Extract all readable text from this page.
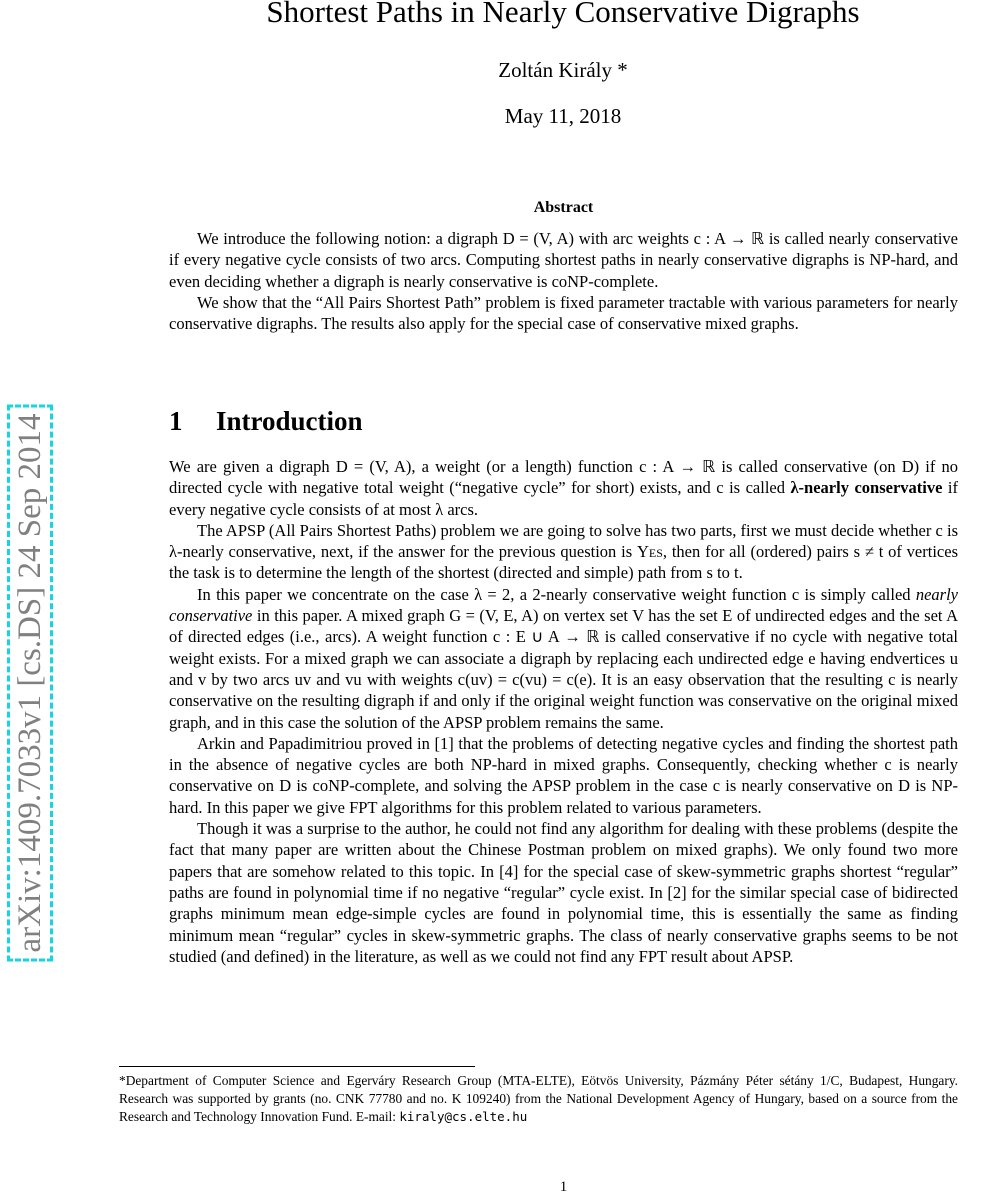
Shortest Paths in Nearly Conservative Digraphs
Zoltán Király *
May 11, 2018
Abstract

We introduce the following notion: a digraph D = (V, A) with arc weights c : A → ℝ is called nearly conservative if every negative cycle consists of two arcs. Computing shortest paths in nearly conservative digraphs is NP-hard, and even deciding whether a digraph is nearly conservative is coNP-complete.

We show that the “All Pairs Shortest Path” problem is fixed parameter tractable with various parameters for nearly conservative digraphs. The results also apply for the special case of conservative mixed graphs.

1 Introduction

We are given a digraph D = (V, A), a weight (or a length) function c : A → ℝ is called conservative (on D) if no directed cycle with negative total weight (“negative cycle” for short) exists, and c is called λ-nearly conservative if every negative cycle consists of at most λ arcs.

The APSP (All Pairs Shortest Paths) problem we are going to solve has two parts, first we must decide whether c is λ-nearly conservative, next, if the answer for the previous question is Yes, then for all (ordered) pairs s ≠ t of vertices the task is to determine the length of the shortest (directed and simple) path from s to t.

In this paper we concentrate on the case λ = 2, a 2-nearly conservative weight function c is simply called nearly conservative in this paper. A mixed graph G = (V, E, A) on vertex set V has the set E of undirected edges and the set A of directed edges (i.e., arcs). A weight function c : E ∪ A → ℝ is called conservative if no cycle with negative total weight exists. For a mixed graph we can associate a digraph by replacing each undirected edge e having endvertices u and v by two arcs uv and vu with weights c(uv) = c(vu) = c(e). It is an easy observation that the resulting c is nearly conservative on the resulting digraph if and only if the original weight function was conservative on the original mixed graph, and in this case the solution of the APSP problem remains the same.

Arkin and Papadimitriou proved in [1] that the problems of detecting negative cycles and finding the shortest path in the absence of negative cycles are both NP-hard in mixed graphs. Consequently, checking whether c is nearly conservative on D is coNP-complete, and solving the APSP problem in the case c is nearly conservative on D is NP-hard. In this paper we give FPT algorithms for this problem related to various parameters.

Though it was a surprise to the author, he could not find any algorithm for dealing with these problems (despite the fact that many paper are written about the Chinese Postman problem on mixed graphs). We only found two more papers that are somehow related to this topic. In [4] for the special case of skew-symmetric graphs shortest “regular” paths are found in polynomial time if no negative “regular” cycle exist. In [2] for the similar special case of bidirected graphs minimum mean edge-simple cycles are found in polynomial time, this is essentially the same as finding minimum mean “regular” cycles in skew-symmetric graphs. The class of nearly conservative graphs seems to be not studied (and defined) in the literature, as well as we could not find any FPT result about APSP.

*Department of Computer Science and Egerváry Research Group (MTA-ELTE), Eötvös University, Pázmány Péter sétány 1/C, Budapest, Hungary. Research was supported by grants (no. CNK 77780 and no. K 109240) from the National Development Agency of Hungary, based on a source from the Research and Technology Innovation Fund. E-mail: kiraly@cs.elte.hu
1
arXiv:1409.7033v1 [cs.DS] 24 Sep 2014
